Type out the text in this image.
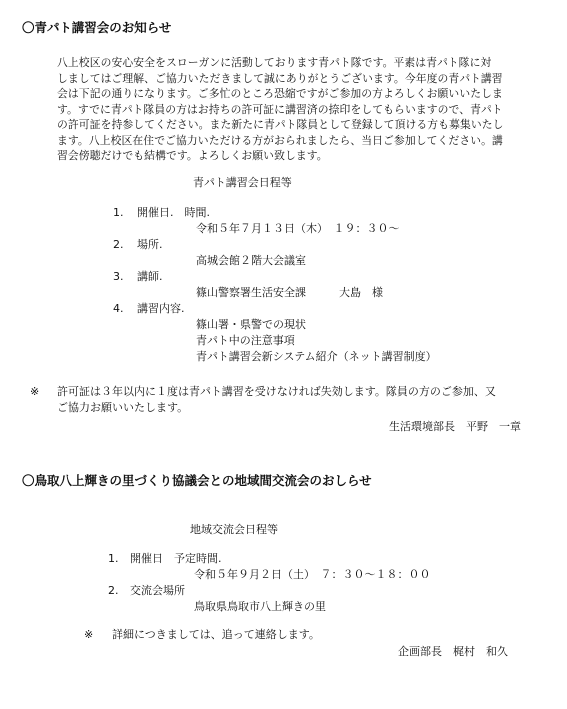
〇青パト講習会のお知らせ
八上校区の安心安全をスローガンに活動しております青パト隊です。平素は青パト隊に対
しましてはご理解、ご協力いただきまして誠にありがとうございます。今年度の青パト講習
会は下記の通りになります。ご多忙のところ恐縮ですがご参加の方よろしくお願いいたしま
す。すでに青パト隊員の方はお持ちの許可証に講習済の捺印をしてもらいますので、青パト
の許可証を持参してください。また新たに青パト隊員として登録して頂ける方も募集いたし
ます。八上校区在住でご協力いただける方がおられましたら、当日ご参加してください。講
習会傍聴だけでも結構です。よろしくお願い致します。
青パト講習会日程等
1. 開催日.　時間.
令和５年７月１３日（木）　１９：３０～
2. 場所.
高城会館２階大会議室
3. 講師.
篠山警察署生活安全課　　　大島　様
4. 講習内容.
篠山署・県警での現状
青パト中の注意事項
青パト講習会新システム紹介（ネット講習制度）
※ 許可証は３年以内に１度は青パト講習を受けなければ失効します。隊員の方のご参加、又
ご協力お願いいたします。
生活環境部長　平野　一章
〇鳥取八上輝きの里づくり協議会との地域間交流会のおしらせ
地域交流会日程等
1. 開催日　予定時間.
令和５年９月２日（土）　７：３０～１８：００
2. 交流会場所
鳥取県鳥取市八上輝きの里
※ 詳細につきましては、追って連絡します。
企画部長　梶村　和久
